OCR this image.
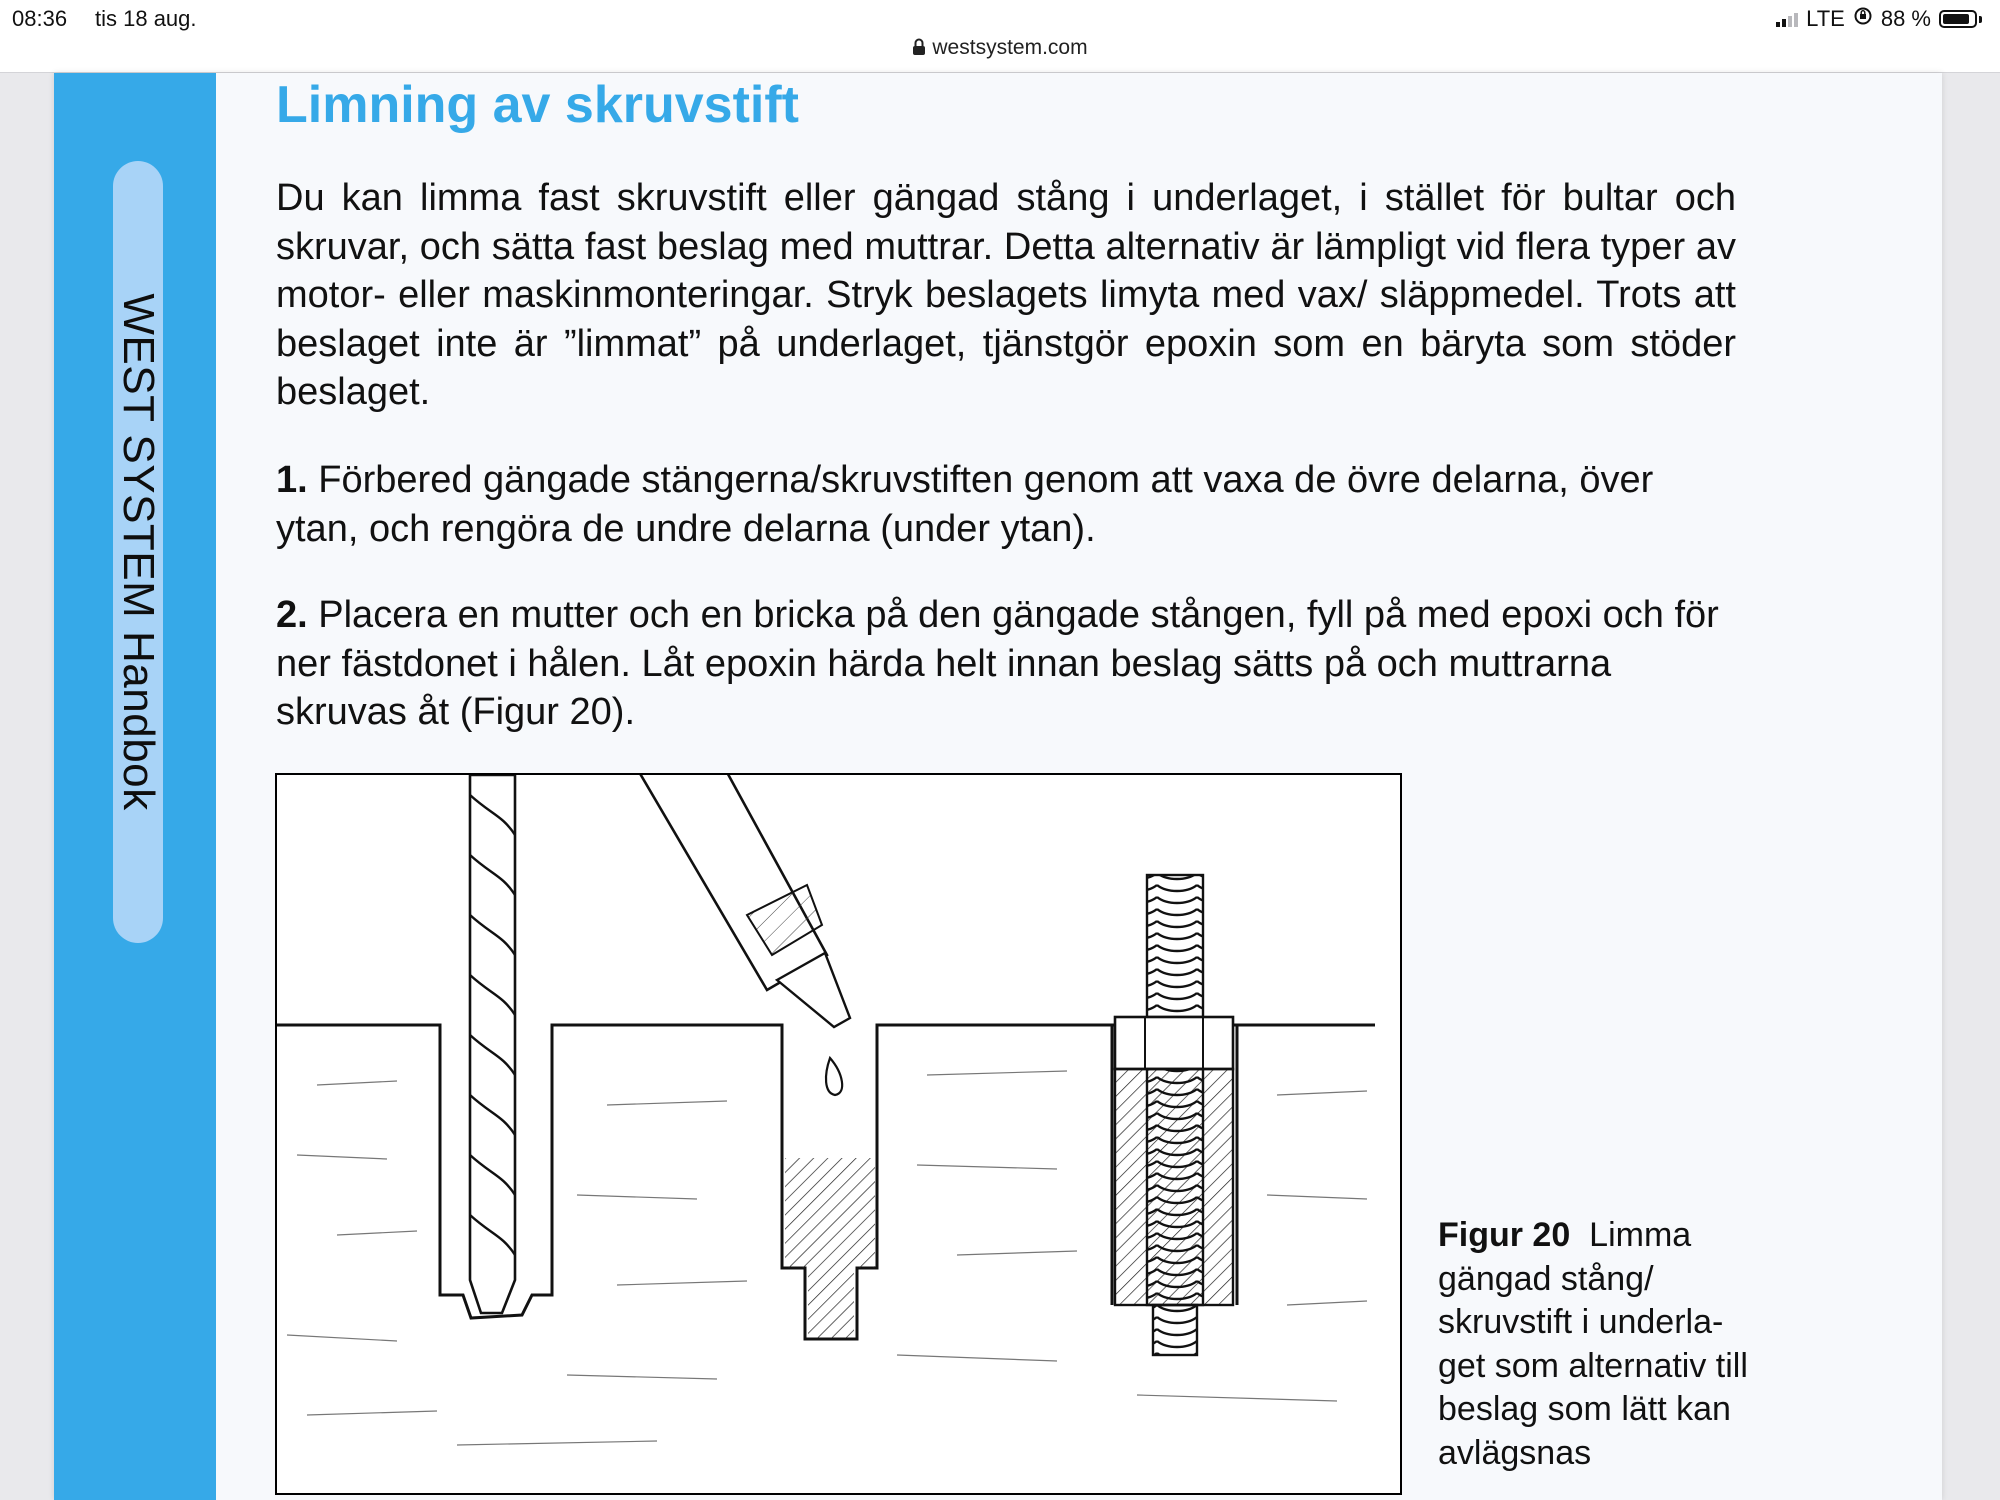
08:36 tis 18 aug.	LTE 88 %
westsystem.com
WEST SYSTEM Handbok
Limning av skruvstift

Du kan limma fast skruvstift eller gängad stång i underlaget, i stället för bultar och skruvar, och sätta fast beslag med muttrar. Detta alternativ är lämpligt vid flera typer av motor- eller maskinmonteringar. Stryk beslagets limyta med vax/ släppmedel. Trots att beslaget inte är ”limmat” på underlaget, tjänstgör epoxin som en bäryta som stöder beslaget.

1. Förbered gängade stängerna/skruvstiften genom att vaxa de övre delarna, över ytan, och rengöra de undre delarna (under ytan).

2. Placera en mutter och en bricka på den gängade stången, fyll på med epoxi och för ner fästdonet i hålen. Låt epoxin härda helt innan beslag sätts på och muttrarna skruvas åt (Figur 20).

Figur 20 Limma gängad stång/ skruvstift i underla- get som alternativ till beslag som lätt kan avlägsnas
